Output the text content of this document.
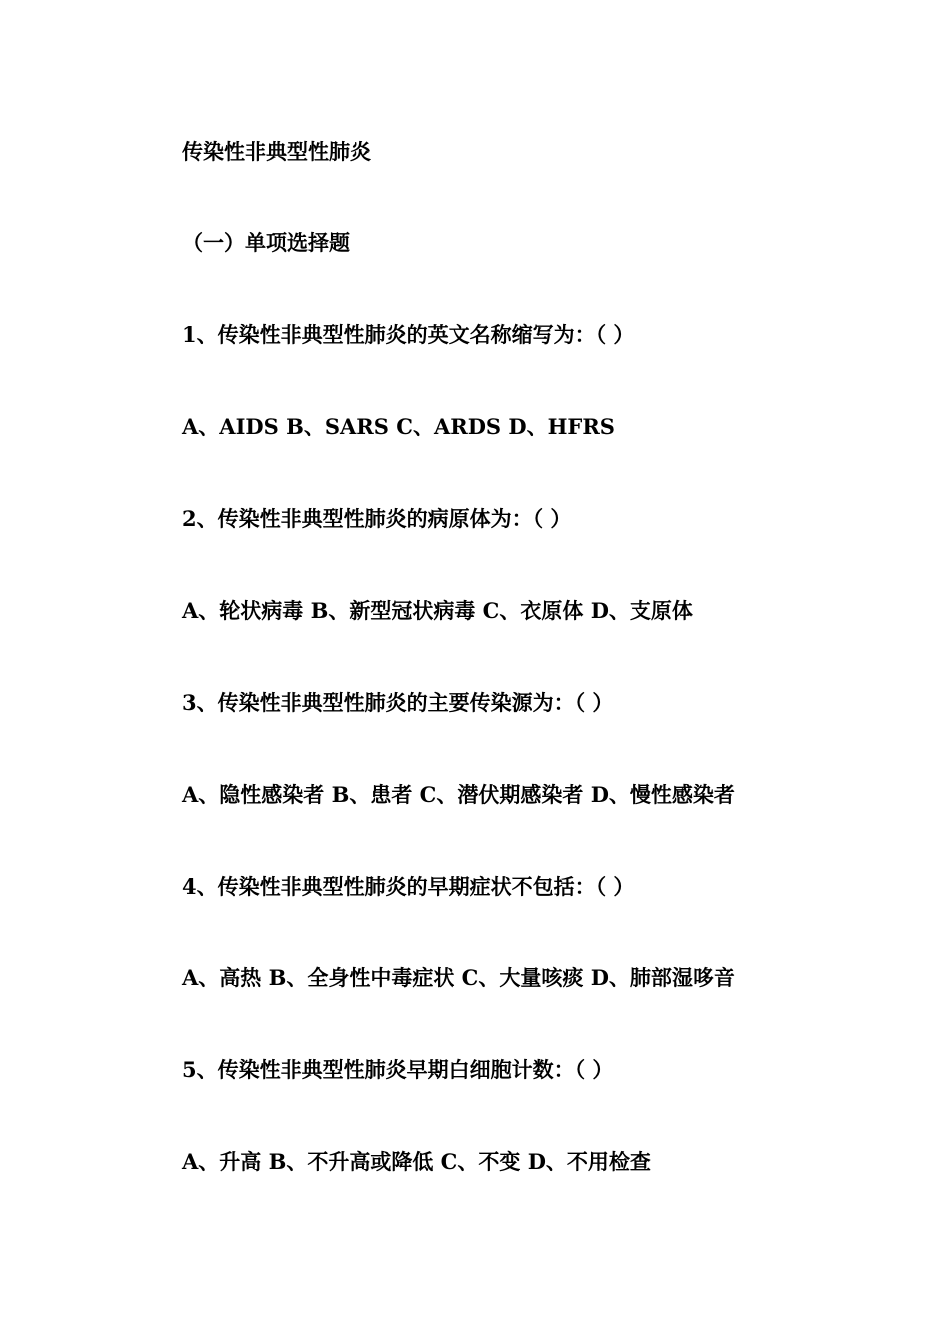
传染性非典型性肺炎
（一）单项选择题
1、传染性非典型性肺炎的英文名称缩写为：（ ）
A、AIDS B、SARS C、ARDS D、HFRS
2、传染性非典型性肺炎的病原体为：（ ）
A、轮状病毒 B、新型冠状病毒 C、衣原体 D、支原体
3、传染性非典型性肺炎的主要传染源为：（ ）
A、隐性感染者 B、患者 C、潜伏期感染者 D、慢性感染者
4、传染性非典型性肺炎的早期症状不包括：（ ）
A、高热 B、全身性中毒症状 C、大量咳痰 D、肺部湿哆音
5、传染性非典型性肺炎早期白细胞计数：（ ）
A、升高 B、不升高或降低 C、不变 D、不用检查
